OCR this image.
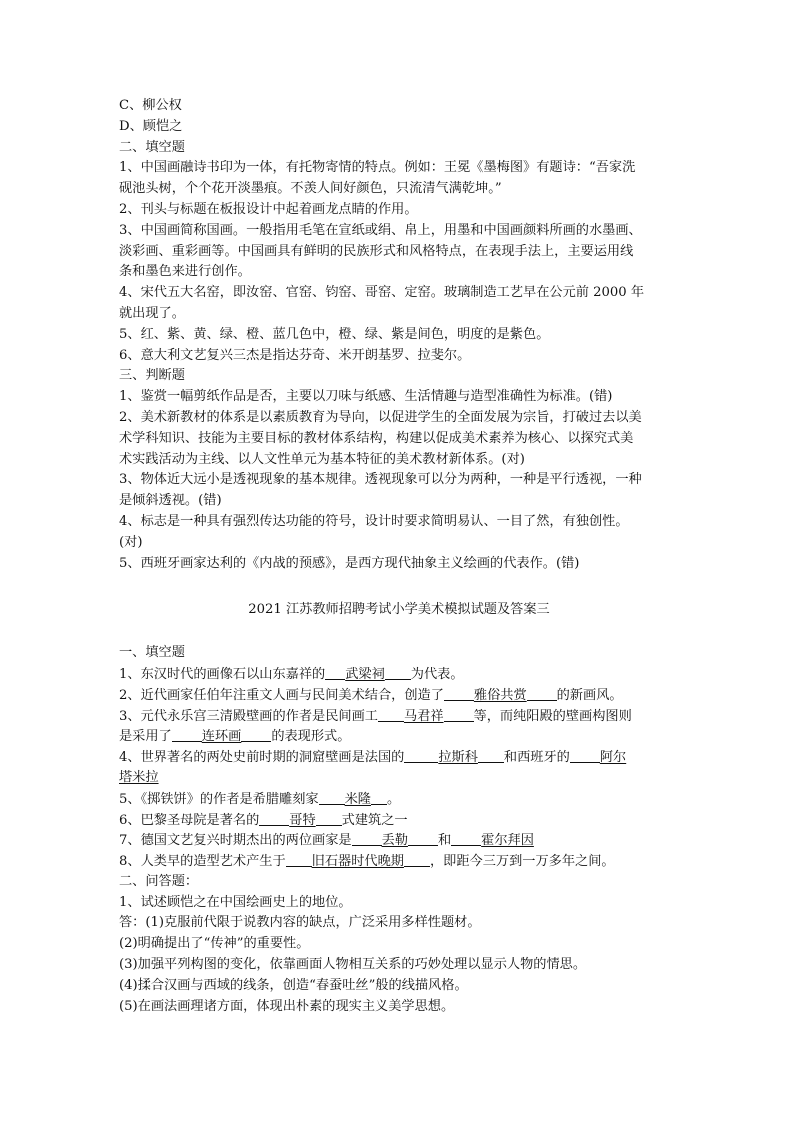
C、柳公权
D、顾恺之
二、填空题
1、中国画融诗书印为一体，有托物寄情的特点。例如：王冕《墨梅图》有题诗：“吾家洗
砚池头树，个个花开淡墨痕。不羡人间好颜色，只流清气满乾坤。”
2、刊头与标题在板报设计中起着画龙点睛的作用。
3、中国画简称国画。一般指用毛笔在宣纸或绢、帛上，用墨和中国画颜料所画的水墨画、
淡彩画、重彩画等。中国画具有鲜明的民族形式和风格特点，在表现手法上，主要运用线
条和墨色来进行创作。
4、宋代五大名窑，即汝窑、官窑、钧窑、哥窑、定窑。玻璃制造工艺早在公元前 2000 年
就出现了。
5、红、紫、黄、绿、橙、蓝几色中，橙、绿、紫是间色，明度的是紫色。
6、意大利文艺复兴三杰是指达芬奇、米开朗基罗、拉斐尔。
三、判断题
1、鉴赏一幅剪纸作品是否，主要以刀味与纸感、生活情趣与造型准确性为标准。(错)
2、美术新教材的体系是以素质教育为导向，以促进学生的全面发展为宗旨，打破过去以美
术学科知识、技能为主要目标的教材体系结构，构建以促成美术素养为核心、以探究式美
术实践活动为主线、以人文性单元为基本特征的美术教材新体系。(对)
3、物体近大远小是透视现象的基本规律。透视现象可以分为两种，一种是平行透视，一种
是倾斜透视。(错)
4、标志是一种具有强烈传达功能的符号，设计时要求简明易认、一目了然，有独创性。
(对)
5、西班牙画家达利的《内战的预感》，是西方现代抽象主义绘画的代表作。(错)
2021 江苏教师招聘考试小学美术模拟试题及答案三
一、填空题
1、东汉时代的画像石以山东嘉祥的 武梁祠 为代表。
2、近代画家任伯年注重文人画与民间美术结合，创造了 雅俗共赏 的新画风。
3、元代永乐宫三清殿壁画的作者是民间画工 马君祥 等，而纯阳殿的壁画构图则
是采用了 连环画 的表现形式。
4、世界著名的两处史前时期的洞窟壁画是法国的	拉斯科 和西班牙的 阿尔
塔米拉
5、《掷铁饼》的作者是希腊雕刻家 米隆 。
6、巴黎圣母院是著名的 哥特 式建筑之一
7、德国文艺复兴时期杰出的两位画家是 丢勒 和 霍尔拜因
8、人类早的造型艺术产生于 旧石器时代晚期 ，即距今三万到一万多年之间。
二、问答题：
1、试述顾恺之在中国绘画史上的地位。
答：(1)克服前代限于说教内容的缺点，广泛采用多样性题材。
(2)明确提出了“传神”的重要性。
(3)加强平列构图的变化，依靠画面人物相互关系的巧妙处理以显示人物的情思。
(4)揉合汉画与西域的线条，创造“春蚕吐丝”般的线描风格。
(5)在画法画理诸方面，体现出朴素的现实主义美学思想。
